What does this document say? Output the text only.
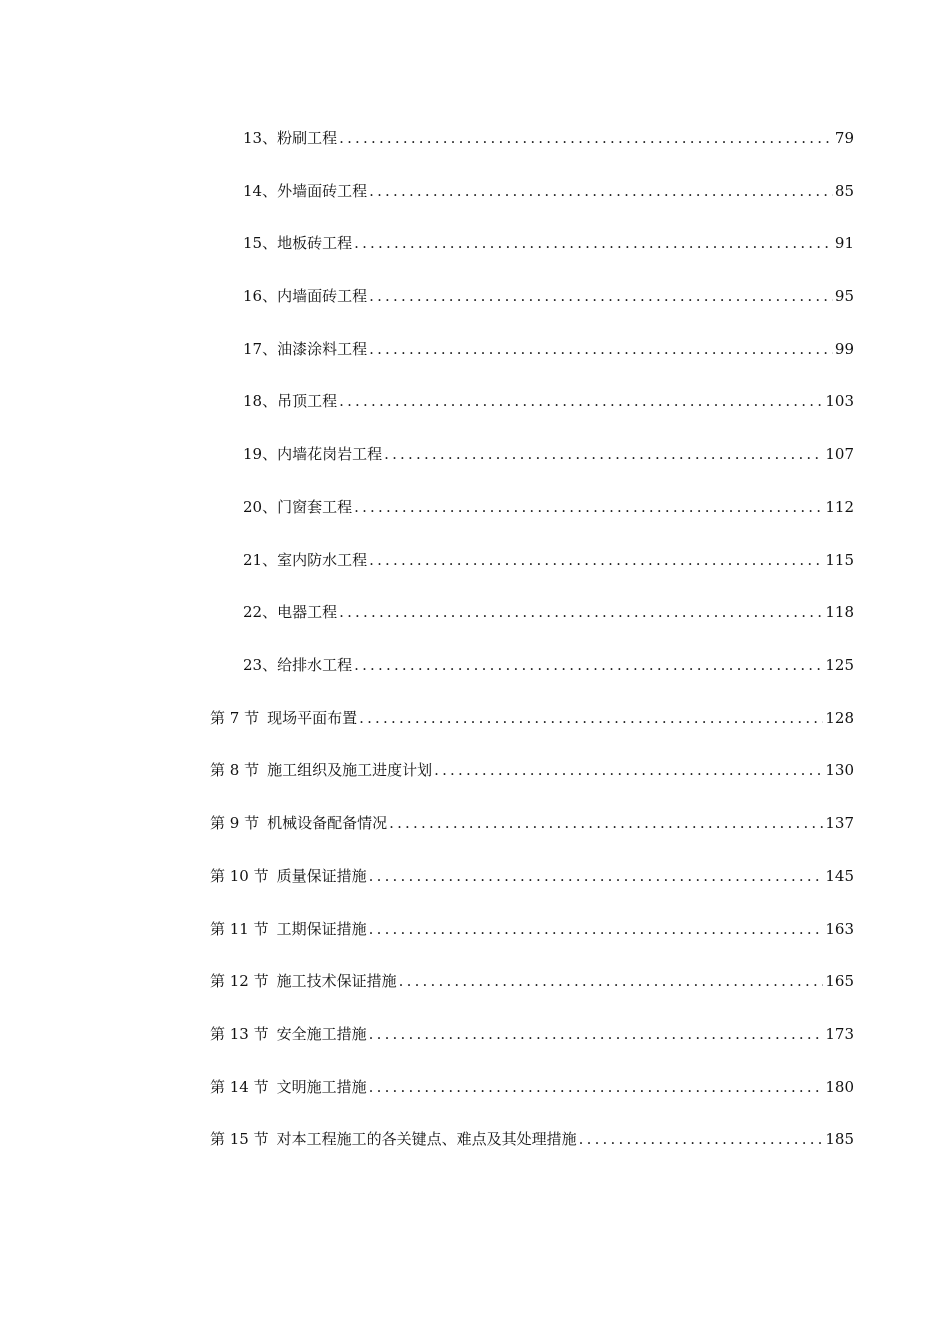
13、 粉刷工程 .....	79
14、 外墙面砖工程 .....	85
15、 地板砖工程 .....	91
16、 内墙面砖工程 .....	95
17、 油漆涂料工程 .....	99
18、 吊顶工程 .....	103
19、 内墙花岗岩工程 .....	107
20、 门窗套工程 .....	112
21、 室内防水工程 .....	115
22、 电器工程 .....	118
23、 给排水工程 .....	125
第 7 节 现场平面布置 .....	128
第 8 节 施工组织及施工进度计划 .....	130
第 9 节 机械设备配备情况 .....	137
第 10 节 质量保证措施 .....	145
第 11 节 工期保证措施 .....	163
第 12 节 施工技术保证措施 .....	165
第 13 节 安全施工措施 .....	173
第 14 节 文明施工措施 .....	180
第 15 节 对本工程施工的各关键点、难点及其处理措施 .....	185
